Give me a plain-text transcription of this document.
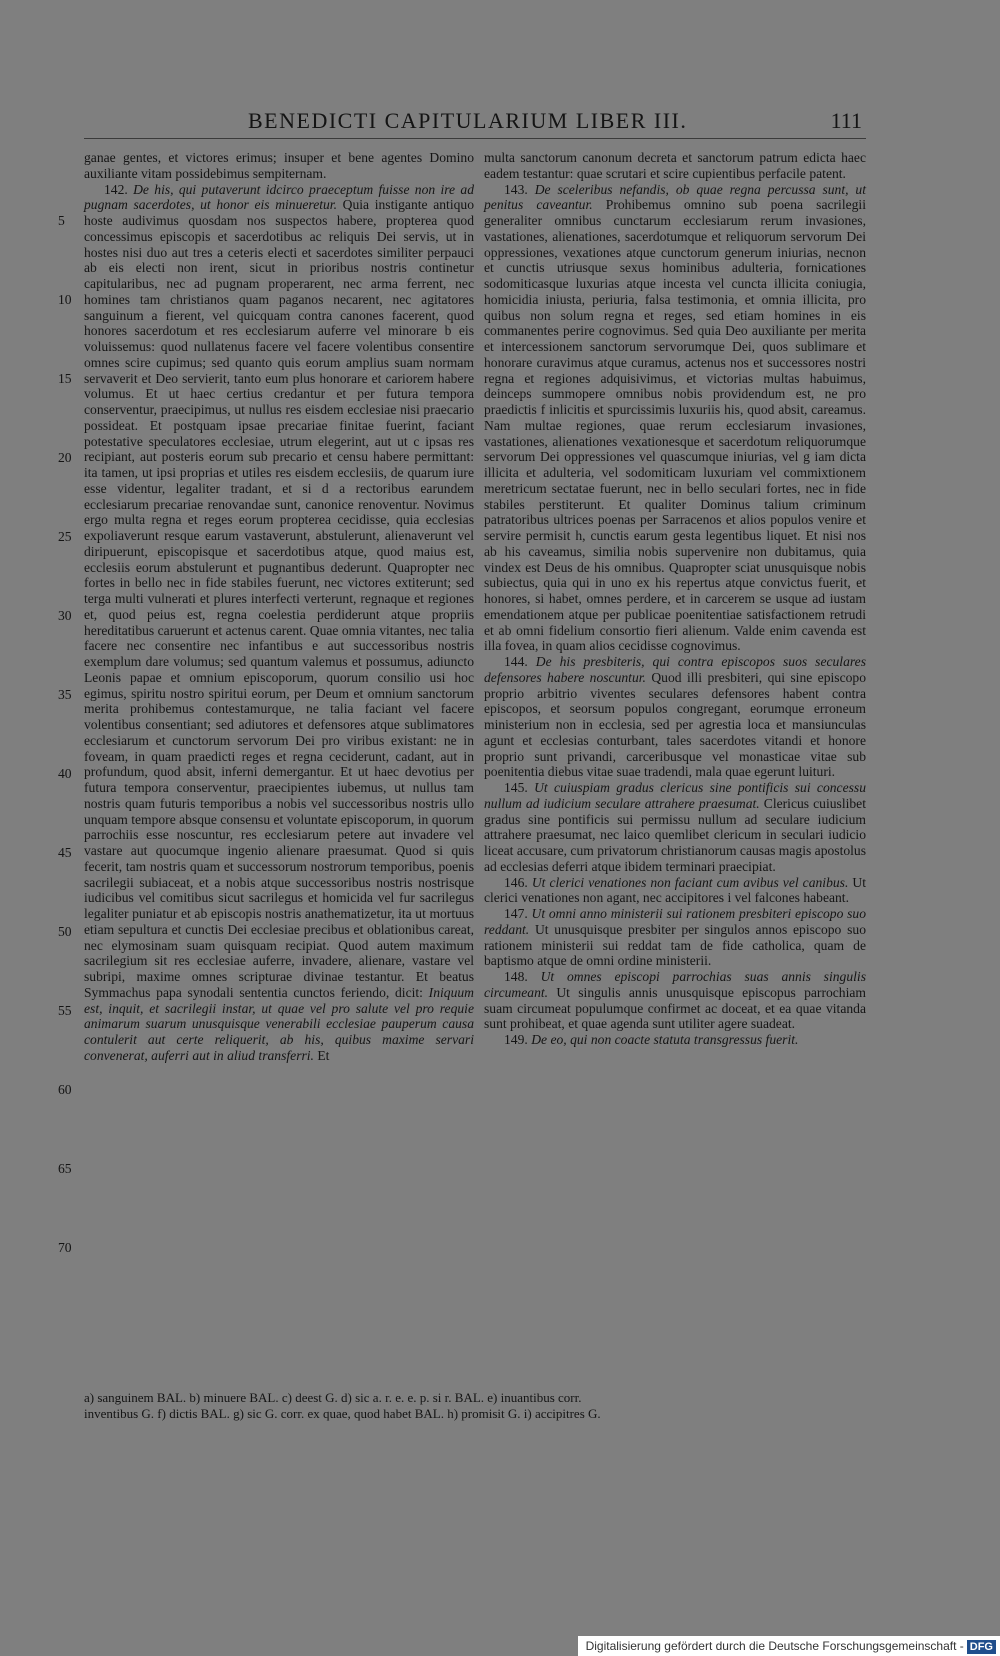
BENEDICTI CAPITULARIUM LIBER III.	111
5
10
15
20
25
30
35
40
45
50
55
60
65
70

ganae gentes, et victores erimus; insuper et bene agentes Domino auxiliante vitam possidebimus sempiternam.

142. De his, qui putaverunt idcirco praeceptum fuisse non ire ad pugnam sacerdotes, ut honor eis minueretur. Quia instigante antiquo hoste audivimus quosdam nos suspectos habere, propterea quod concessimus episcopis et sacerdotibus ac reliquis Dei servis, ut in hostes nisi duo aut tres a ceteris electi et sacerdotes similiter perpauci ab eis electi non irent, sicut in prioribus nostris continetur capitularibus, nec ad pugnam properarent, nec arma ferrent, nec homines tam christianos quam paganos necarent, nec agitatores sanguinum a fierent, vel quicquam contra canones facerent, quod honores sacerdotum et res ecclesiarum auferre vel minorare b eis voluissemus: quod nullatenus facere vel facere volentibus consentire omnes scire cupimus; sed quanto quis eorum amplius suam normam servaverit et Deo servierit, tanto eum plus honorare et cariorem habere volumus. Et ut haec certius credantur et per futura tempora conserventur, praecipimus, ut nullus res eisdem ecclesiae nisi praecario possideat. Et postquam ipsae precariae finitae fuerint, faciant potestative speculatores ecclesiae, utrum elegerint, aut ut c ipsas res recipiant, aut posteris eorum sub precario et censu habere permittant: ita tamen, ut ipsi proprias et utiles res eisdem ecclesiis, de quarum iure esse videntur, legaliter tradant, et si d a rectoribus earundem ecclesiarum precariae renovandae sunt, canonice renoventur. Novimus ergo multa regna et reges eorum propterea cecidisse, quia ecclesias expoliaverunt resque earum vastaverunt, abstulerunt, alienaverunt vel diripuerunt, episcopisque et sacerdotibus atque, quod maius est, ecclesiis eorum abstulerunt et pugnantibus dederunt. Quapropter nec fortes in bello nec in fide stabiles fuerunt, nec victores extiterunt; sed terga multi vulnerati et plures interfecti verterunt, regnaque et regiones et, quod peius est, regna coelestia perdiderunt atque propriis hereditatibus caruerunt et actenus carent. Quae omnia vitantes, nec talia facere nec consentire nec infantibus e aut successoribus nostris exemplum dare volumus; sed quantum valemus et possumus, adiuncto Leonis papae et omnium episcoporum, quorum consilio usi hoc egimus, spiritu nostro spiritui eorum, per Deum et omnium sanctorum merita prohibemus contestamurque, ne talia faciant vel facere volentibus consentiant; sed adiutores et defensores atque sublimatores ecclesiarum et cunctorum servorum Dei pro viribus existant: ne in foveam, in quam praedicti reges et regna ceciderunt, cadant, aut in profundum, quod absit, inferni demergantur. Et ut haec devotius per futura tempora conserventur, praecipientes iubemus, ut nullus tam nostris quam futuris temporibus a nobis vel successoribus nostris ullo unquam tempore absque consensu et voluntate episcoporum, in quorum parrochiis esse noscuntur, res ecclesiarum petere aut invadere vel vastare aut quocumque ingenio alienare praesumat. Quod si quis fecerit, tam nostris quam et successorum nostrorum temporibus, poenis sacrilegii subiaceat, et a nobis atque successoribus nostris nostrisque iudicibus vel comitibus sicut sacrilegus et homicida vel fur sacrilegus legaliter puniatur et ab episcopis nostris anathematizetur, ita ut mortuus etiam sepultura et cunctis Dei ecclesiae precibus et oblationibus careat, nec elymosinam suam quisquam recipiat. Quod autem maximum sacrilegium sit res ecclesiae auferre, invadere, alienare, vastare vel subripi, maxime omnes scripturae divinae testantur. Et beatus Symmachus papa synodali sententia cunctos feriendo, dicit: Iniquum est, inquit, et sacrilegii instar, ut quae vel pro salute vel pro requie animarum suarum unusquisque venerabili ecclesiae pauperum causa contulerit aut certe reliquerit, ab his, quibus maxime servari convenerat, auferri aut in aliud transferri. Et

multa sanctorum canonum decreta et sanctorum patrum edicta haec eadem testantur: quae scrutari et scire cupientibus perfacile patent.

143. De sceleribus nefandis, ob quae regna percussa sunt, ut penitus caveantur. Prohibemus omnino sub poena sacrilegii generaliter omnibus cunctarum ecclesiarum rerum invasiones, vastationes, alienationes, sacerdotumque et reliquorum servorum Dei oppressiones, vexationes atque cunctorum generum iniurias, necnon et cunctis utriusque sexus hominibus adulteria, fornicationes sodomiticasque luxurias atque incesta vel cuncta illicita coniugia, homicidia iniusta, periuria, falsa testimonia, et omnia illicita, pro quibus non solum regna et reges, sed etiam homines in eis commanentes perire cognovimus. Sed quia Deo auxiliante per merita et intercessionem sanctorum servorumque Dei, quos sublimare et honorare curavimus atque curamus, actenus nos et successores nostri regna et regiones adquisivimus, et victorias multas habuimus, deinceps summopere omnibus nobis providendum est, ne pro praedictis f inlicitis et spurcissimis luxuriis his, quod absit, careamus. Nam multae regiones, quae rerum ecclesiarum invasiones, vastationes, alienationes vexationesque et sacerdotum reliquorumque servorum Dei oppressiones vel quascumque iniurias, vel g iam dicta illicita et adulteria, vel sodomiticam luxuriam vel commixtionem meretricum sectatae fuerunt, nec in bello seculari fortes, nec in fide stabiles perstiterunt. Et qualiter Dominus talium criminum patratoribus ultrices poenas per Sarracenos et alios populos venire et servire permisit h, cunctis earum gesta legentibus liquet. Et nisi nos ab his caveamus, similia nobis supervenire non dubitamus, quia vindex est Deus de his omnibus. Quapropter sciat unusquisque nobis subiectus, quia qui in uno ex his repertus atque convictus fuerit, et honores, si habet, omnes perdere, et in carcerem se usque ad iustam emendationem atque per publicae poenitentiae satisfactionem retrudi et ab omni fidelium consortio fieri alienum. Valde enim cavenda est illa fovea, in quam alios cecidisse cognovimus.

144. De his presbiteris, qui contra episcopos suos seculares defensores habere noscuntur. Quod illi presbiteri, qui sine episcopo proprio arbitrio viventes seculares defensores habent contra episcopos, et seorsum populos congregant, eorumque erroneum ministerium non in ecclesia, sed per agrestia loca et mansiunculas agunt et ecclesias conturbant, tales sacerdotes vitandi et honore proprio sunt privandi, carceribusque vel monasticae vitae sub poenitentia diebus vitae suae tradendi, mala quae egerunt luituri.

145. Ut cuiuspiam gradus clericus sine pontificis sui concessu nullum ad iudicium seculare attrahere praesumat. Clericus cuiuslibet gradus sine pontificis sui permissu nullum ad seculare iudicium attrahere praesumat, nec laico quemlibet clericum in seculari iudicio liceat accusare, cum privatorum christianorum causas magis apostolus ad ecclesias deferri atque ibidem terminari praecipiat.

146. Ut clerici venationes non faciant cum avibus vel canibus. Ut clerici venationes non agant, nec accipitores i vel falcones habeant.

147. Ut omni anno ministerii sui rationem presbiteri episcopo suo reddant. Ut unusquisque presbiter per singulos annos episcopo suo rationem ministerii sui reddat tam de fide catholica, quam de baptismo atque de omni ordine ministerii.

148. Ut omnes episcopi parrochias suas annis singulis circumeant. Ut singulis annis unusquisque episcopus parrochiam suam circumeat populumque confirmet ac doceat, et ea quae vitanda sunt prohibeat, et quae agenda sunt utiliter agere suadeat.

149. De eo, qui non coacte statuta transgressus fuerit.

a) sanguinem BAL. b) minuere BAL. c) deest G. d) sic a. r. e. e. p. si r. BAL. e) inuantibus corr.

inventibus G. f) dictis BAL. g) sic G. corr. ex quae, quod habet BAL. h) promisit G. i) accipitres G.

Digitalisierung gefördert durch die Deutsche Forschungsgemeinschaft - DFG
